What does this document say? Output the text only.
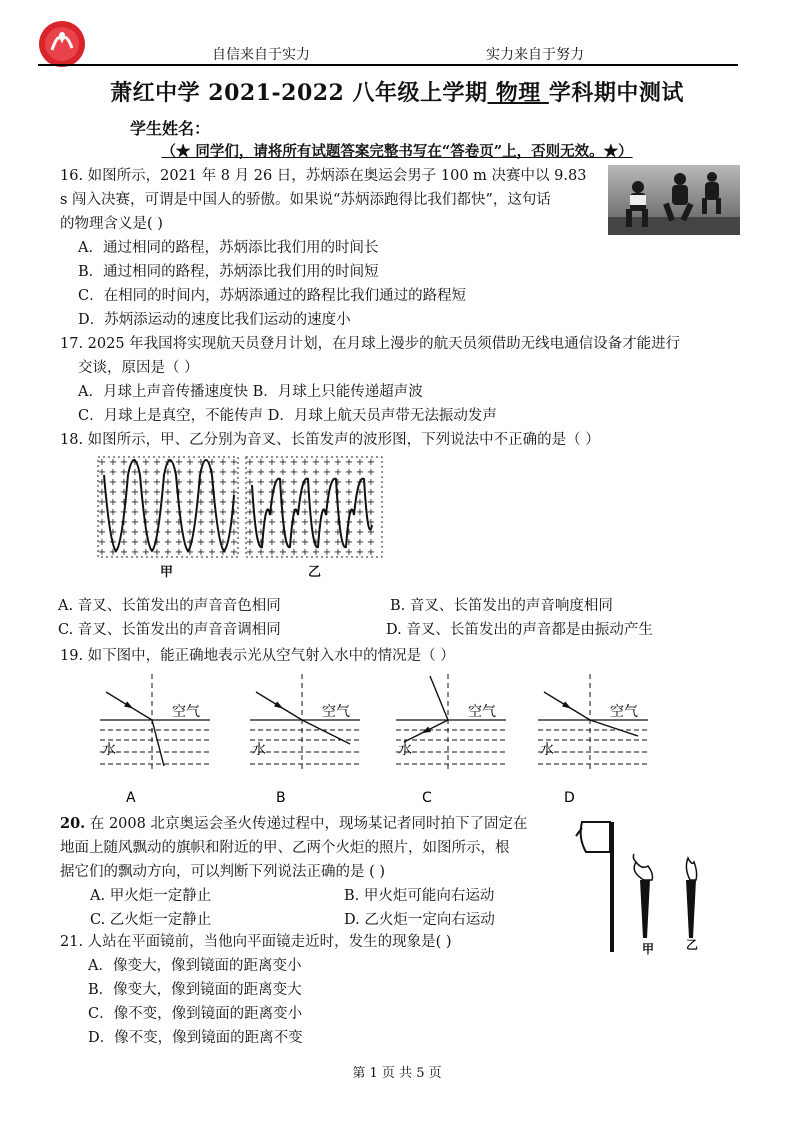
自信来自于实力	实力来自于努力
萧红中学 2021-2022 八年级上学期 物理 学科期中测试
学生姓名：
（★ 同学们，请将所有试题答案完整书写在“答卷页”上，否则无效。★）
16. 如图所示，2021 年 8 月 26 日，苏炳添在奥运会男子 100 m 决赛中以 9.83
s 闯入决赛，可谓是中国人的骄傲。如果说“苏炳添跑得比我们都快”，这句话
的物理含义是( )
A．通过相同的路程，苏炳添比我们用的时间长
B．通过相同的路程，苏炳添比我们用的时间短
C．在相同的时间内，苏炳添通过的路程比我们通过的路程短
D．苏炳添运动的速度比我们运动的速度小
17. 2025 年我国将实现航天员登月计划，在月球上漫步的航天员须借助无线电通信设备才能进行
交谈，原因是（ ）
A．月球上声音传播速度快 B．月球上只能传递超声波
C．月球上是真空，不能传声 D．月球上航天员声带无法振动发声
18. 如图所示，甲、乙分别为音叉、长笛发声的波形图，下列说法中不正确的是（ ）
+ + + + + + + + + + + + +
+ + + + + + + + + + + + +
+ + + + + + + + + + + + +
+ + + + + + + + + + + + +
+ + + + + + + + + + + + +
+ + + + + + + + + + + + +
+ + + + + + + + + + + + +
+ + + + + + + + + + + + +
+ + + + + + + + + + + + +
+ + + + + + + + + + + + +
+ + + + + + + + + + + +
+ + + + + + + + + + + +
+ + + + + + + + + + + +
+ + + + + + + + + + + +
+ + + + + + + + + + + +
+ + + + + + + + + + + +
+ + + + + + + + + + + +
+ + + + + + + + + + + +
+ + + + + + + + + + + +
+ + + + + + + + + + + +
甲	乙
A. 音叉、长笛发出的声音音色相同	B. 音叉、长笛发出的声音响度相同
C. 音叉、长笛发出的声音音调相同	D. 音叉、长笛发出的声音都是由振动产生
19. 如下图中，能正确地表示光从空气射入水中的情况是（ ）
空气
水
A
空气
水
B
空气
水
C
空气
水
D
20. 在 2008 北京奥运会圣火传递过程中，现场某记者同时拍下了固定在
地面上随风飘动的旗帜和附近的甲、乙两个火炬的照片，如图所示，根
据它们的飘动方向，可以判断下列说法正确的是 ( )
A. 甲火炬一定静止	B. 甲火炬可能向右运动
C. 乙火炬一定静止	D. 乙火炬一定向右运动
甲	乙
21. 人站在平面镜前，当他向平面镜走近时，发生的现象是( )
A．像变大，像到镜面的距离变小
B．像变大，像到镜面的距离变大
C．像不变，像到镜面的距离变小
D．像不变，像到镜面的距离不变
第 1 页 共 5 页
